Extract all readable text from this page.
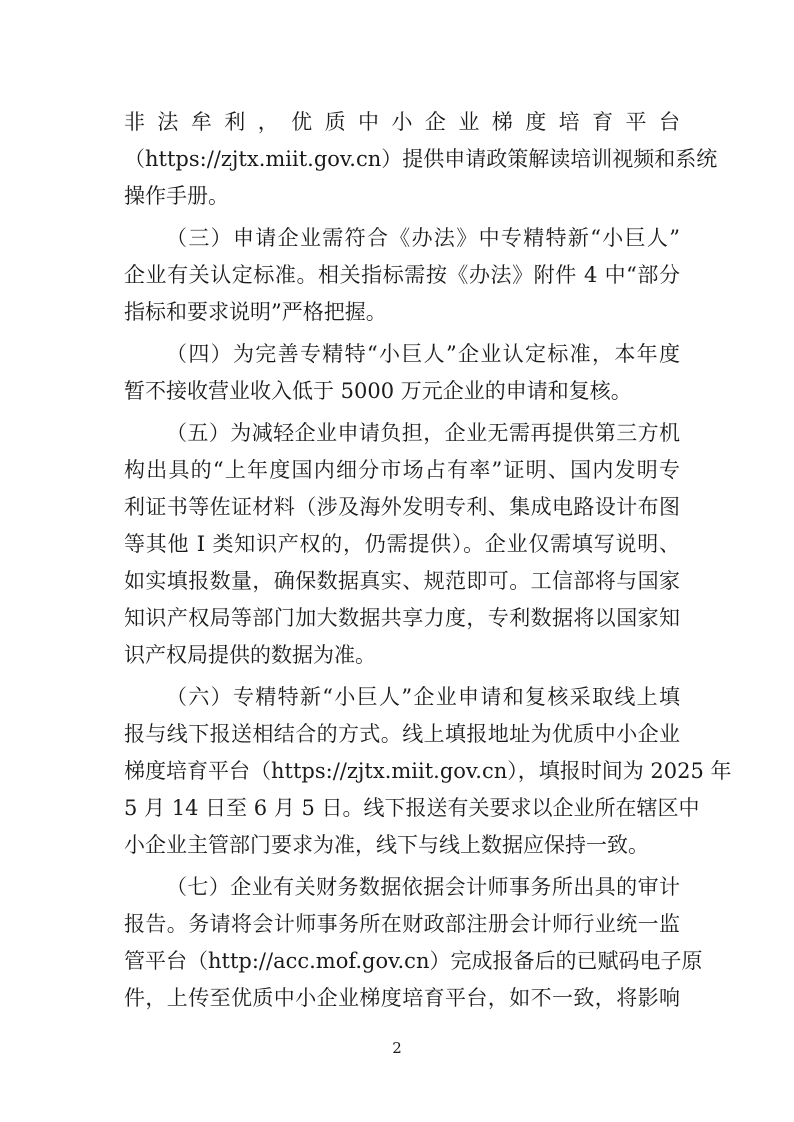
非法牟利，优质中小企业梯度培育平台
（https://zjtx.miit.gov.cn）提供申请政策解读培训视频和系统
操作手册。
（三）申请企业需符合《办法》中专精特新“小巨人”
企业有关认定标准。相关指标需按《办法》附件 4 中“部分
指标和要求说明”严格把握。
（四）为完善专精特“小巨人”企业认定标准，本年度
暂不接收营业收入低于 5000 万元企业的申请和复核。
（五）为减轻企业申请负担，企业无需再提供第三方机
构出具的“上年度国内细分市场占有率”证明、国内发明专
利证书等佐证材料（涉及海外发明专利、集成电路设计布图
等其他 I 类知识产权的，仍需提供）。企业仅需填写说明、
如实填报数量，确保数据真实、规范即可。工信部将与国家
知识产权局等部门加大数据共享力度，专利数据将以国家知
识产权局提供的数据为准。
（六）专精特新“小巨人”企业申请和复核采取线上填
报与线下报送相结合的方式。线上填报地址为优质中小企业
梯度培育平台（https://zjtx.miit.gov.cn），填报时间为 2025 年
5 月 14 日至 6 月 5 日。线下报送有关要求以企业所在辖区中
小企业主管部门要求为准，线下与线上数据应保持一致。
（七）企业有关财务数据依据会计师事务所出具的审计
报告。务请将会计师事务所在财政部注册会计师行业统一监
管平台（http://acc.mof.gov.cn）完成报备后的已赋码电子原
件，上传至优质中小企业梯度培育平台，如不一致，将影响
2
